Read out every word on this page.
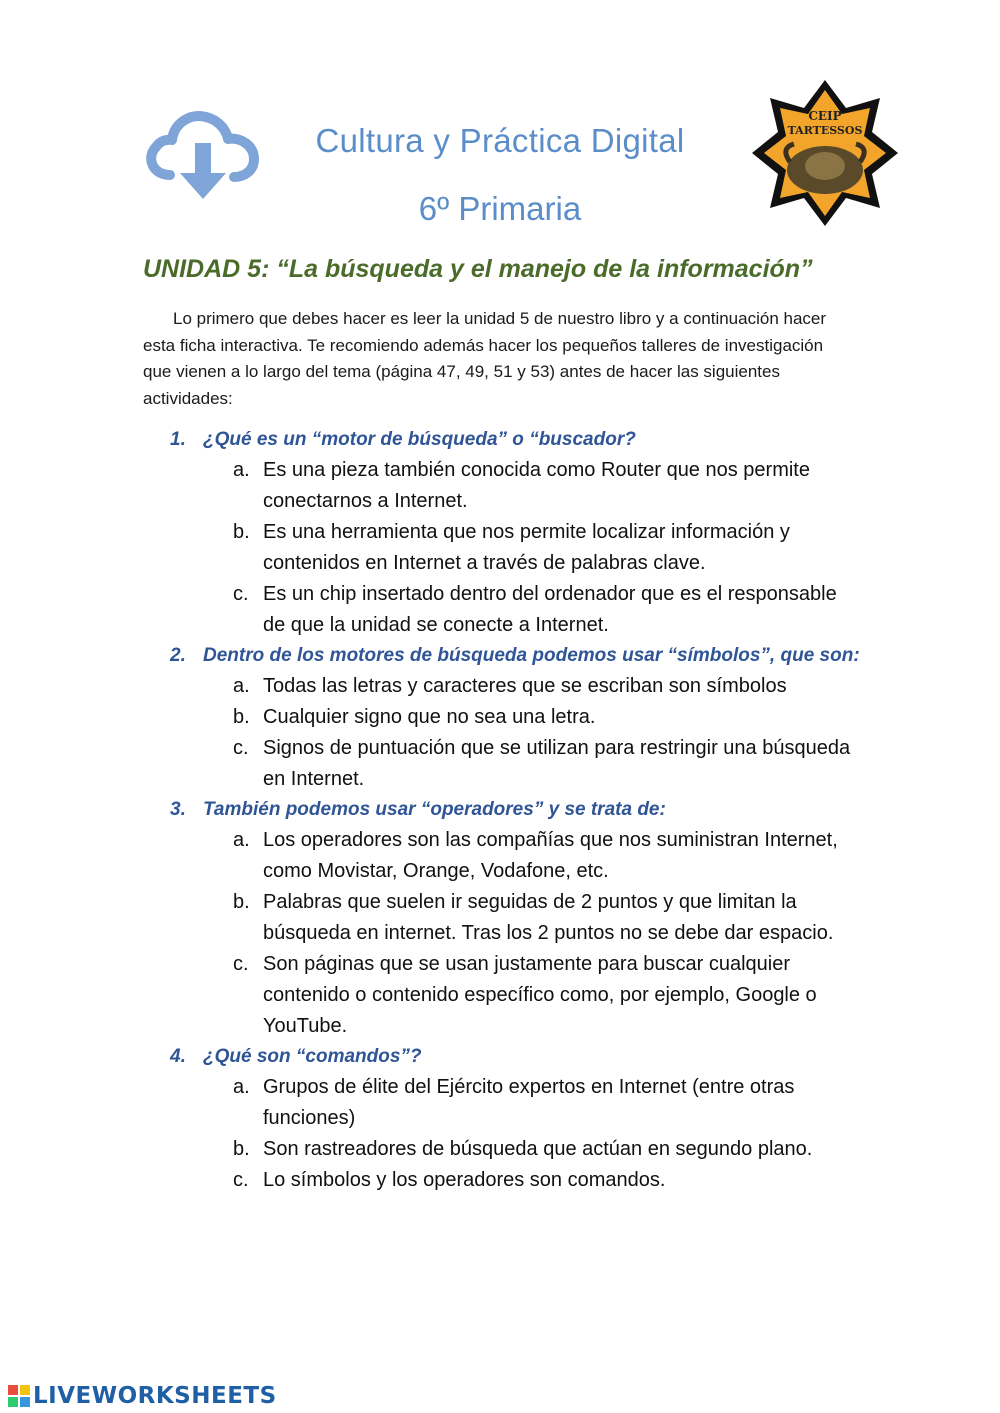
Cultura y Práctica Digital
6º Primaria
CEIP
TARTESSOS
UNIDAD 5: “La búsqueda y el manejo de la información”

Lo primero que debes hacer es leer la unidad 5 de nuestro libro y a continuación hacer esta ficha interactiva. Te recomiendo además hacer los pequeños talleres de investigación que vienen a lo largo del tema (página 47, 49, 51 y 53) antes de hacer las siguientes actividades:

1. ¿Qué es un “motor de búsqueda” o “buscador?
a. Es una pieza también conocida como Router que nos permite conectarnos a Internet.
b. Es una herramienta que nos permite localizar información y contenidos en Internet a través de palabras clave.
c. Es un chip insertado dentro del ordenador que es el responsable de que la unidad se conecte a Internet.
2. Dentro de los motores de búsqueda podemos usar “símbolos”, que son:
a. Todas las letras y caracteres que se escriban son símbolos
b. Cualquier signo que no sea una letra.
c. Signos de puntuación que se utilizan para restringir una búsqueda en Internet.
3. También podemos usar “operadores” y se trata de:
a. Los operadores son las compañías que nos suministran Internet, como Movistar, Orange, Vodafone, etc.
b. Palabras que suelen ir seguidas de 2 puntos y que limitan la búsqueda en internet. Tras los 2 puntos no se debe dar espacio.
c. Son páginas que se usan justamente para buscar cualquier contenido o contenido específico como, por ejemplo, Google o YouTube.
4. ¿Qué son “comandos”?
a. Grupos de élite del Ejército expertos en Internet (entre otras funciones)
b. Son rastreadores de búsqueda que actúan en segundo plano.
c. Lo símbolos y los operadores son comandos.
LIVEWORKSHEETS
